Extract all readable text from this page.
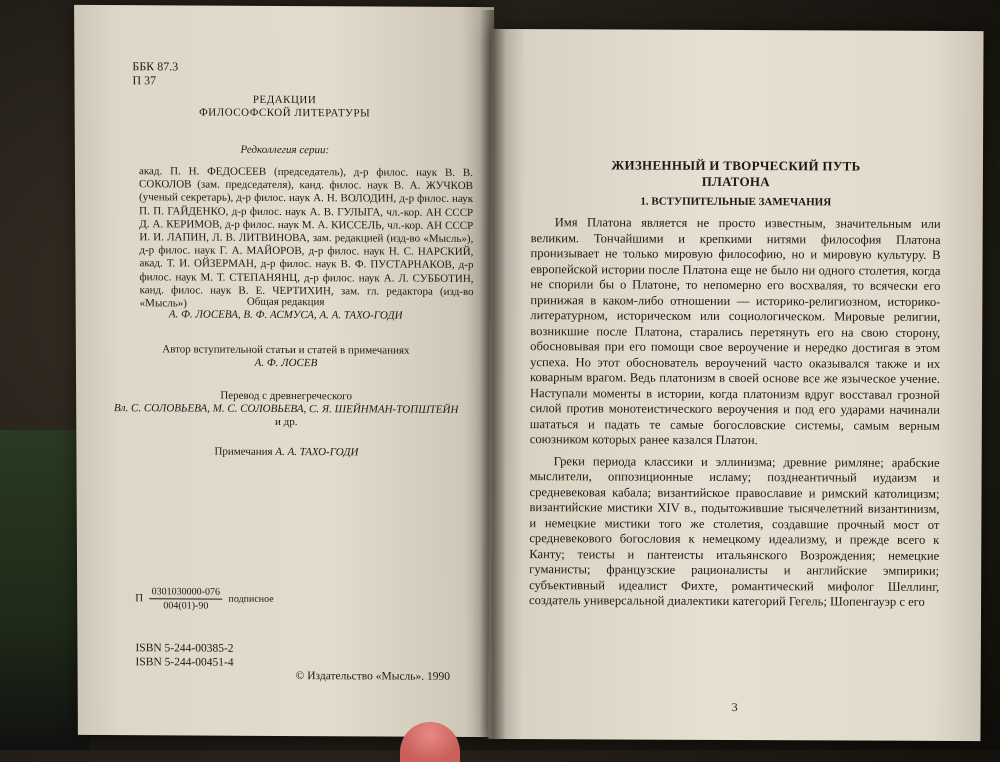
ББК 87.3
П 37
РЕДАКЦИИ
ФИЛОСОФСКОЙ ЛИТЕРАТУРЫ
Редколлегия серии:

акад. П. Н. ФЕДОСЕЕВ (председатель), д-р филос. наук В. В. СОКОЛОВ (зам. председателя), канд. филос. наук В. А. ЖУЧКОВ (ученый секретарь), д-р филос. наук А. Н. ВОЛОДИН, д-р филос. наук П. П. ГАЙДЕНКО, д-р филос. наук А. В. ГУЛЫГА, чл.-кор. АН СССР Д. А. КЕРИМОВ, д-р филос. наук М. А. КИССЕЛЬ, чл.-кор. АН СССР И. И. ЛАПИН, Л. В. ЛИТВИНОВА, зам. редакцией (изд-во «Мысль»), д-р филос. наук Г. А. МАЙОРОВ, д-р филос. наук Н. С. НАРСКИЙ, акад. Т. И. ОЙЗЕРМАН, д-р филос. наук В. Ф. ПУСТАРНАКОВ, д-р филос. наук М. Т. СТЕПАНЯНЦ, д-р филос. наук А. Л. СУББОТИН, канд. филос. наук В. Е. ЧЕРТИХИН, зам. гл. редактора (изд-во «Мысль»)	Общая редакция
А. Ф. ЛОСЕВА, В. Ф. АСМУСА, А. А. ТАХО-ГОДИ
Автор вступительной статьи и статей в примечаниях
А. Ф. ЛОСЕВ
Перевод с древнегреческого
Вл. С. СОЛОВЬЕВА, М. С. СОЛОВЬЕВА, С. Я. ШЕЙНМАН-ТОПШТЕЙН
и др.
Примечания А. А. ТАХО-ГОДИ
П $\frac{0301030000-076}{004(01)-90}$ подписное
ISBN 5-244-00385-2
ISBN 5-244-00451-4
© Издательство «Мысль». 1990
ЖИЗНЕННЫЙ И ТВОРЧЕСКИЙ ПУТЬ
ПЛАТОНА
1. ВСТУПИТЕЛЬНЫЕ ЗАМЕЧАНИЯ

Имя Платона является не просто известным, значительным или великим. Тончайшими и крепкими нитями философия Платона пронизывает не только мировую философию, но и мировую культуру. В европейской истории после Платона еще не было ни одного столетия, когда не спорили бы о Платоне, то непомерно его восхваляя, то всячески его принижая в каком-либо отношении — историко-религиозном, историко-литературном, историческом или социологическом. Мировые религии, возникшие после Платона, старались перетянуть его на свою сторону, обосновывая при его помощи свое вероучение и нередко достигая в этом успеха. Но этот обоснователь вероучений часто оказывался также и их коварным врагом. Ведь платонизм в своей основе все же языческое учение. Наступали моменты в истории, когда платонизм вдруг восставал грозной силой против монотеистического вероучения и под его ударами начинали шататься и падать те самые богословские системы, самым верным союзником которых ранее казался Платон.

Греки периода классики и эллинизма; древние римляне; арабские мыслители, оппозиционные исламу; позднеантичный иудаизм и средневековая кабала; византийское православие и римский католицизм; византийские мистики XIV в., подытожившие тысячелетний византинизм, и немецкие мистики того же столетия, создавшие прочный мост от средневекового богословия к немецкому идеализму, и прежде всего к Канту; теисты и пантеисты итальянского Возрождения; немецкие гуманисты; французские рационалисты и английские эмпирики; субъективный идеалист Фихте, романтический мифолог Шеллинг, создатель универсальной диалектики категорий Гегель; Шопенгауэр с его

3
